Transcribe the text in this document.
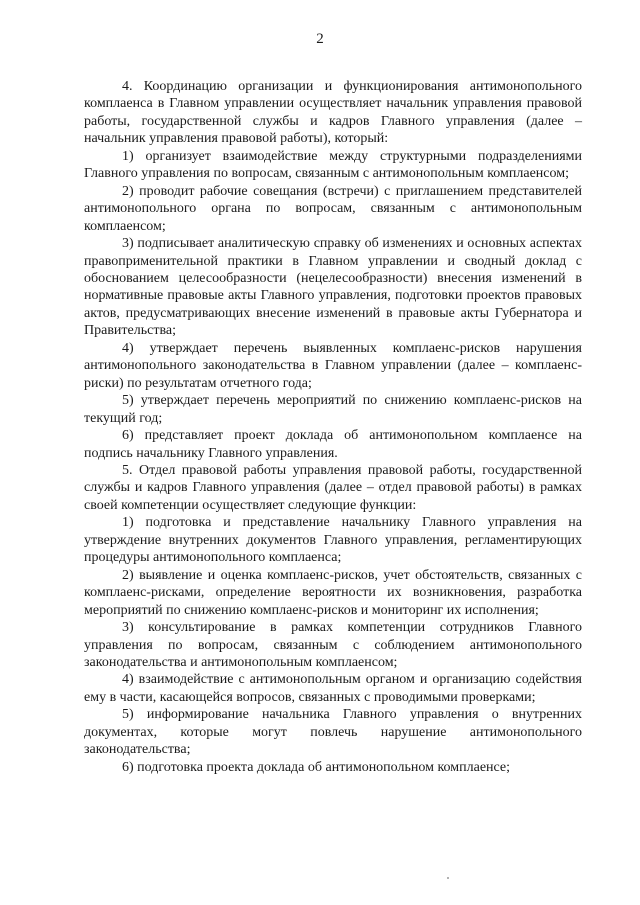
2

4. Координацию организации и функционирования антимонопольного комплаенса в Главном управлении осуществляет начальник управления правовой работы, государственной службы и кадров Главного управления (далее – начальник управления правовой работы), который:

1) организует взаимодействие между структурными подразделениями Главного управления по вопросам, связанным с антимонопольным комплаенсом;

2) проводит рабочие совещания (встречи) с приглашением представителей антимонопольного органа по вопросам, связанным с антимонопольным комплаенсом;

3) подписывает аналитическую справку об изменениях и основных аспектах правоприменительной практики в Главном управлении и сводный доклад с обоснованием целесообразности (нецелесообразности) внесения изменений в нормативные правовые акты Главного управления, подготовки проектов правовых актов, предусматривающих внесение изменений в правовые акты Губернатора и Правительства;

4) утверждает перечень выявленных комплаенс-рисков нарушения антимонопольного законодательства в Главном управлении (далее – комплаенс-риски) по результатам отчетного года;

5) утверждает перечень мероприятий по снижению комплаенс-рисков на текущий год;

6) представляет проект доклада об антимонопольном комплаенсе на подпись начальнику Главного управления.

5. Отдел правовой работы управления правовой работы, государственной службы и кадров Главного управления (далее – отдел правовой работы) в рамках своей компетенции осуществляет следующие функции:

1) подготовка и представление начальнику Главного управления на утверждение внутренних документов Главного управления, регламентирующих процедуры антимонопольного комплаенса;

2) выявление и оценка комплаенс-рисков, учет обстоятельств, связанных с комплаенс-рисками, определение вероятности их возникновения, разработка мероприятий по снижению комплаенс-рисков и мониторинг их исполнения;

3) консультирование в рамках компетенции сотрудников Главного управления по вопросам, связанным с соблюдением антимонопольного законодательства и антимонопольным комплаенсом;

4) взаимодействие с антимонопольным органом и организацию содействия ему в части, касающейся вопросов, связанных с проводимыми проверками;

5) информирование начальника Главного управления о внутренних документах, которые могут повлечь нарушение антимонопольного законодательства;

6) подготовка проекта доклада об антимонопольном комплаенсе;
